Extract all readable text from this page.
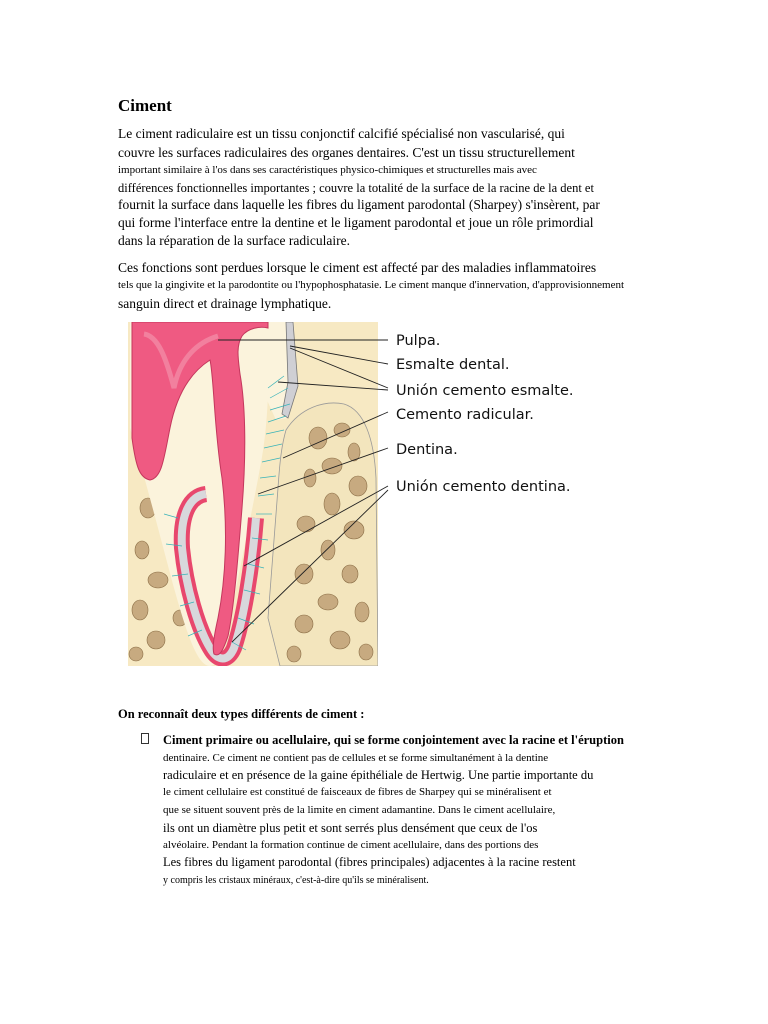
Ciment
Le ciment radiculaire est un tissu conjonctif calcifié spécialisé non vascularisé, qui
couvre les surfaces radiculaires des organes dentaires. C'est un tissu structurellement
important similaire à l'os dans ses caractéristiques physico-chimiques et structurelles mais avec
différences fonctionnelles importantes ; couvre la totalité de la surface de la racine de la dent et
fournit la surface dans laquelle les fibres du ligament parodontal (Sharpey) s'insèrent, par
qui forme l'interface entre la dentine et le ligament parodontal et joue un rôle primordial
dans la réparation de la surface radiculaire.
Ces fonctions sont perdues lorsque le ciment est affecté par des maladies inflammatoires
tels que la gingivite et la parodontite ou l'hypophosphatasie. Le ciment manque d'innervation, d'approvisionnement
sanguin direct et drainage lymphatique.
Pulpa.
Esmalte dental.
Unión cemento esmalte.
Cemento radicular.
Dentina.
Unión cemento dentina.
On reconnaît deux types différents de ciment :
Ciment primaire ou acellulaire, qui se forme conjointement avec la racine et l'éruption
dentinaire. Ce ciment ne contient pas de cellules et se forme simultanément à la dentine
radiculaire et en présence de la gaine épithéliale de Hertwig. Une partie importante du
le ciment cellulaire est constitué de faisceaux de fibres de Sharpey qui se minéralisent et
que se situent souvent près de la limite en ciment adamantine. Dans le ciment acellulaire,
ils ont un diamètre plus petit et sont serrés plus densément que ceux de l'os
alvéolaire. Pendant la formation continue de ciment acellulaire, dans des portions des
Les fibres du ligament parodontal (fibres principales) adjacentes à la racine restent
y compris les cristaux minéraux, c'est-à-dire qu'ils se minéralisent.
